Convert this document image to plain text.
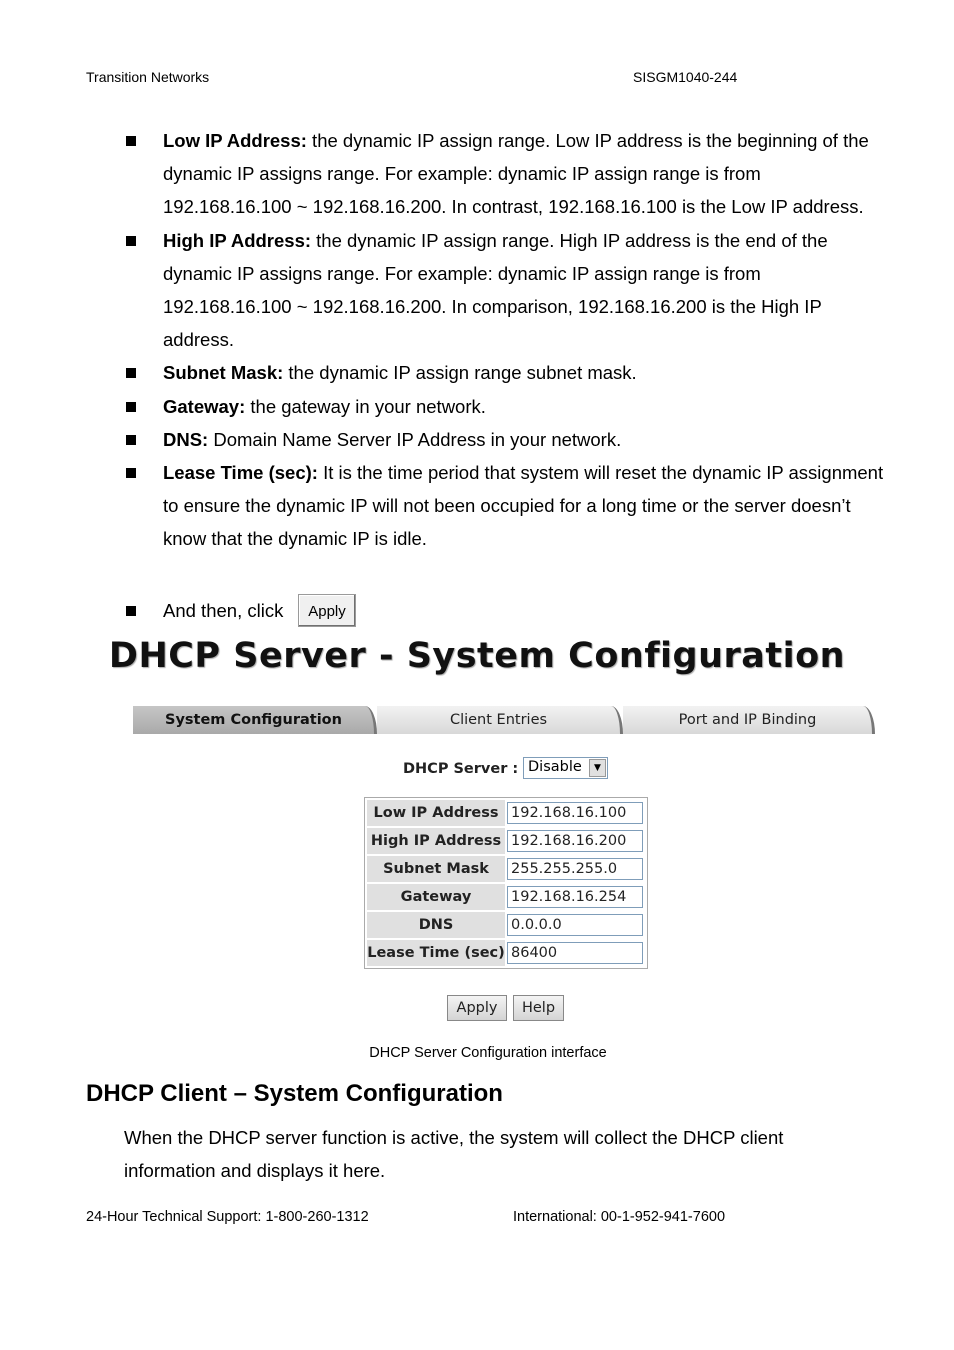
Transition Networks	SISGM1040-244
Low IP Address: the dynamic IP assign range. Low IP address is the beginning of the dynamic IP assigns range. For example: dynamic IP assign range is from 192.168.16.100 ~ 192.168.16.200. In contrast, 192.168.16.100 is the Low IP address.
High IP Address: the dynamic IP assign range. High IP address is the end of the dynamic IP assigns range. For example: dynamic IP assign range is from 192.168.16.100 ~ 192.168.16.200. In comparison, 192.168.16.200 is the High IP address.
Subnet Mask: the dynamic IP assign range subnet mask.
Gateway: the gateway in your network.
DNS: Domain Name Server IP Address in your network.
Lease Time (sec): It is the time period that system will reset the dynamic IP assignment to ensure the dynamic IP will not been occupied for a long time or the server doesn’t know that the dynamic IP is idle.
And then, click	Apply
DHCP Server - System Configuration
System Configuration	Client Entries	Port and IP Binding
DHCP Server : Disable	▼
Low IP Address	192.168.16.100

High IP Address	192.168.16.200

Subnet Mask	255.255.255.0

Gateway	192.168.16.254

DNS	0.0.0.0

Lease Time (sec)	86400
Apply	Help
DHCP Server Configuration interface
DHCP Client – System Configuration
When the DHCP server function is active, the system will collect the DHCP client information and displays it here.
24-Hour Technical Support: 1-800-260-1312	International: 00-1-952-941-7600
